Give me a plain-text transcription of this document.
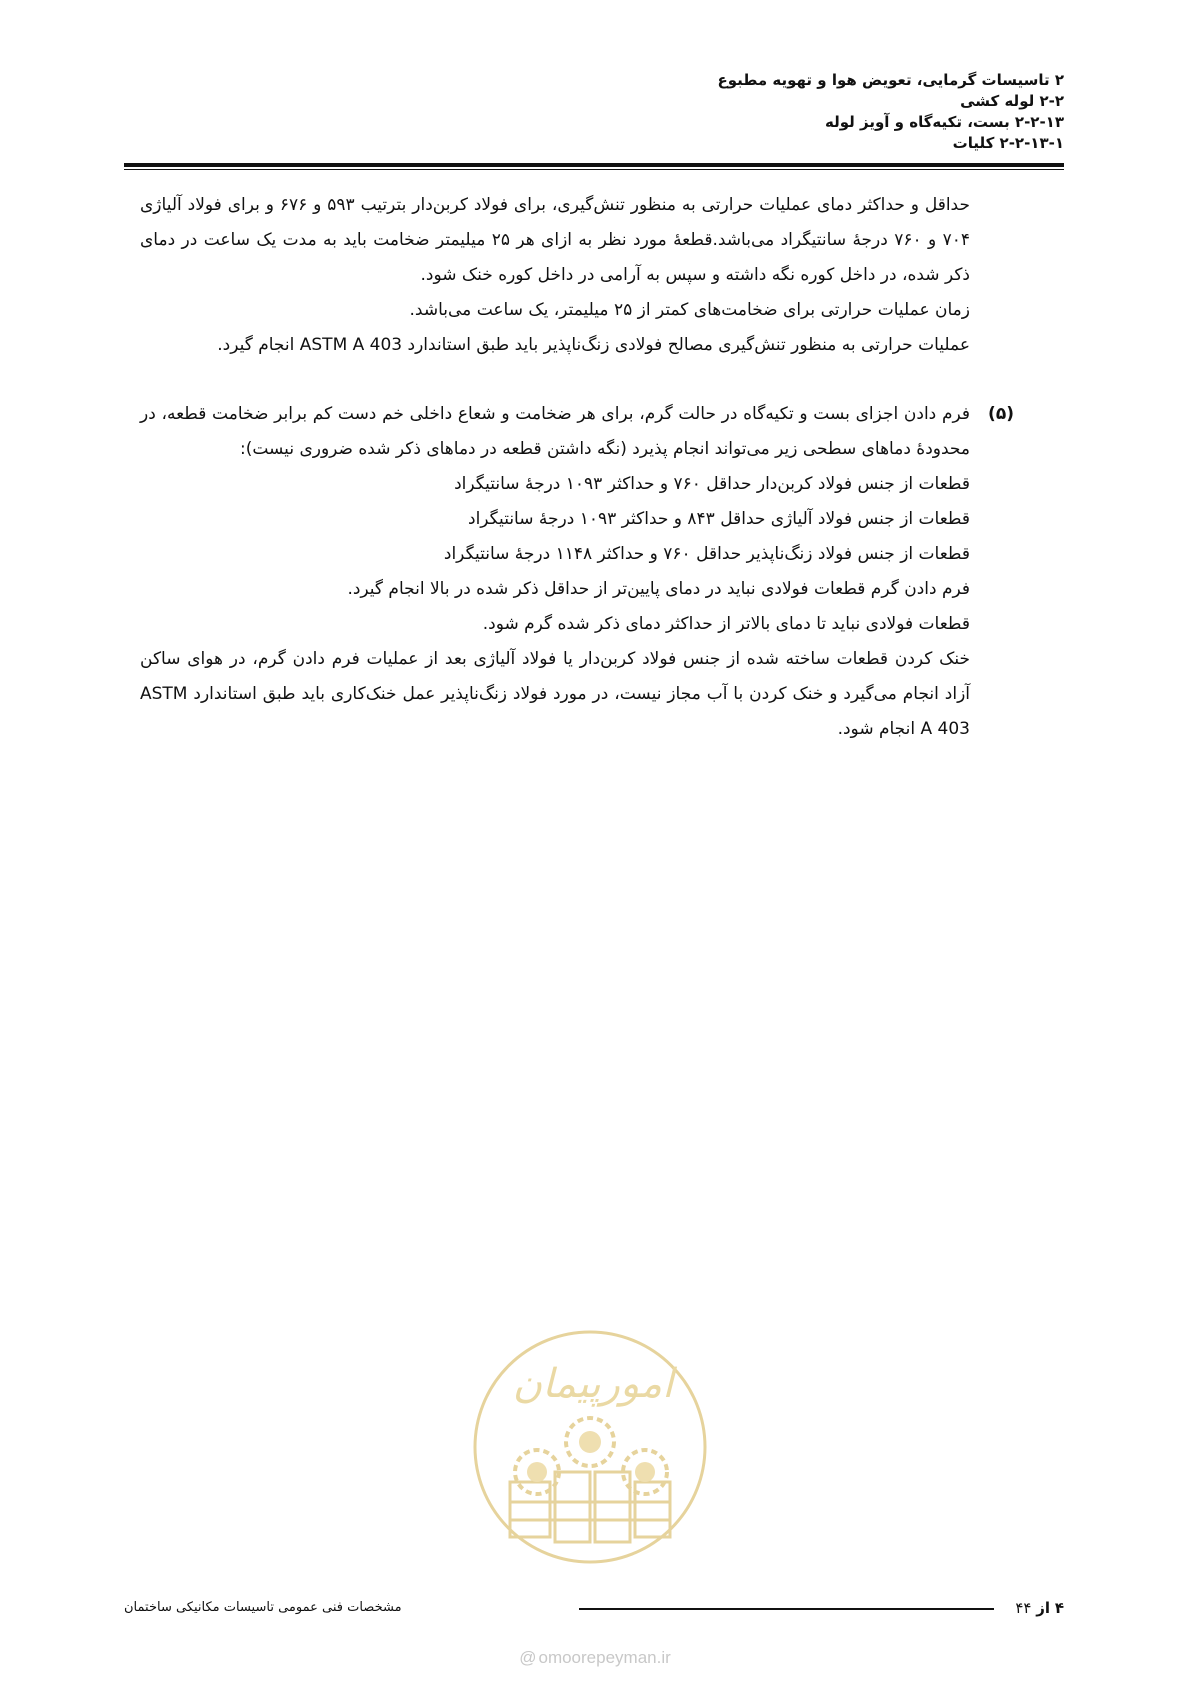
۲ تاسیسات گرمایی، تعویض هوا و تهویه مطبوع
۲-۲ لوله کشی
۲-۲-۱۳ بست، تکیه‌گاه و آویز لوله
۲-۲-۱۳-۱ کلیات

حداقل و حداکثر دمای عملیات حرارتی به منظور تنش‌گیری، برای فولاد کربن‌دار بترتیب ۵۹۳ و ۶۷۶ و برای فولاد آلیاژی ۷۰۴ و ۷۶۰ درجهٔ سانتیگراد می‌باشد.قطعهٔ مورد نظر به ازای هر ۲۵ میلیمتر ضخامت باید به مدت یک ساعت در دمای ذکر شده، در داخل کوره نگه داشته و سپس به آرامی در داخل کوره خنک شود.

زمان عملیات حرارتی برای ضخامت‌های کمتر از ۲۵ میلیمتر، یک ساعت می‌باشد.
عملیات حرارتی به منظور تنش‌گیری مصالح فولادی زنگ‌ناپذیر باید طبق استاندارد ASTM A 403 انجام گیرد.
(۵)

فرم دادن اجزای بست و تکیه‌گاه در حالت گرم، برای هر ضخامت و شعاع داخلی خم دست کم برابر ضخامت قطعه، در محدودهٔ دماهای سطحی زیر می‌تواند انجام پذیرد (نگه داشتن قطعه در دماهای ذکر شده ضروری نیست):

قطعات از جنس فولاد کربن‌دار حداقل ۷۶۰ و حداکثر ۱۰۹۳ درجهٔ سانتیگراد
قطعات از جنس فولاد آلیاژی حداقل ۸۴۳ و حداکثر ۱۰۹۳ درجهٔ سانتیگراد
قطعات از جنس فولاد زنگ‌ناپذیر حداقل ۷۶۰ و حداکثر ۱۱۴۸ درجهٔ سانتیگراد
فرم دادن گرم قطعات فولادی نباید در دمای پایین‌تر از حداقل ذکر شده در بالا انجام گیرد.
قطعات فولادی نباید تا دمای بالاتر از حداکثر دمای ذکر شده گرم شود.

خنک کردن قطعات ساخته شده از جنس فولاد کربن‌دار یا فولاد آلیاژی بعد از عملیات فرم دادن گرم، در هوای ساکن آزاد انجام می‌گیرد و خنک کردن با آب مجاز نیست، در مورد فولاد زنگ‌ناپذیر عمل خنک‌کاری باید طبق استاندارد ASTM A 403 انجام شود.

امورپیمان
۴ از ۴۴
مشخصات فنی عمومی تاسیسات مکانیکی ساختمان
@ omoorepeyman.ir
